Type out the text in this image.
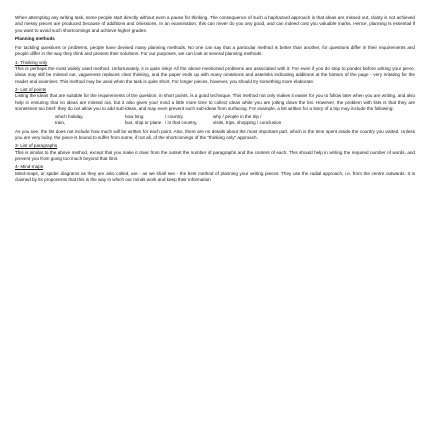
When attempting any writing task, some people start directly without even a pause for thinking. The consequence of such a haphazard approach is that ideas are missed out, clarity is not achieved and messy pieces are produced because of additions and omissions. In an examination, this can never do you any good, and can indeed cost you valuable marks. Hence, planning is essential if you want to avoid such shortcomings and achieve higher grades.

Planning methods

For tackling questions or problems, people have devised many planning methods. No one can say that a particular method is better than another, for questions differ in their requirements and people differ in the way they think and present their solutions. For our purposes, we can look at several planning methods.

1- Thinking only

This is perhaps the most widely used method. Unfortunately, it is quite risky! All the above mentioned problems are associated with it. For even if you do stop to ponder before writing your piece, ideas may still be missed out, vagueness replaces clear thinking, and the paper ends up with many omissions and asterisks indicating additions at the bottom of the page - very irritating for the reader and examiner. This method may be used when the task is quite short. For longer pieces, however, you should try something more elaborate.

2- List of points

Listing the ideas that are suitable for the requirements of the question, in short points, is a good technique. This method not only makes it easier for you to follow later when you are writing, and also help in ensuring that no ideas are missed out, but it also gives your mind a little more time to collect ideas while you are jotting down the list. However, the problem with lists is that they are sometimes too brief: they do not allow you to add sub-ideas, and may even prevent such sub-ideas from surfacing. For example, a list written for a story of a trip may include the following:

which holiday,	how long	/ country,	why / people in the trip /
train,	bus, ship or plane / in that country,	visits, trips, shopping / conclusion

As you see, the list does not include how much will be written for each point. Also, there are no details about the most important part, which is the time spent inside the country you visited. Unless you are very lucky, the piece is bound to suffer from some, if not all, of the shortcomings of the "thinking only" approach.

3- List of paragraphs

This is similar to the above method, except that you make it clear from the outset the number of paragraphs and the content of each. This should help in writing the required number of words, and prevent you from going too much beyond that limit.

4- Mind-maps

Mind-maps, or spider diagrams as they are also called, are - as we shall see - the best method of planning your writing pieces. They use the radial approach, i.e. from the centre outwards. It is claimed by its proponents that this is the way in which our minds work and keep their information
